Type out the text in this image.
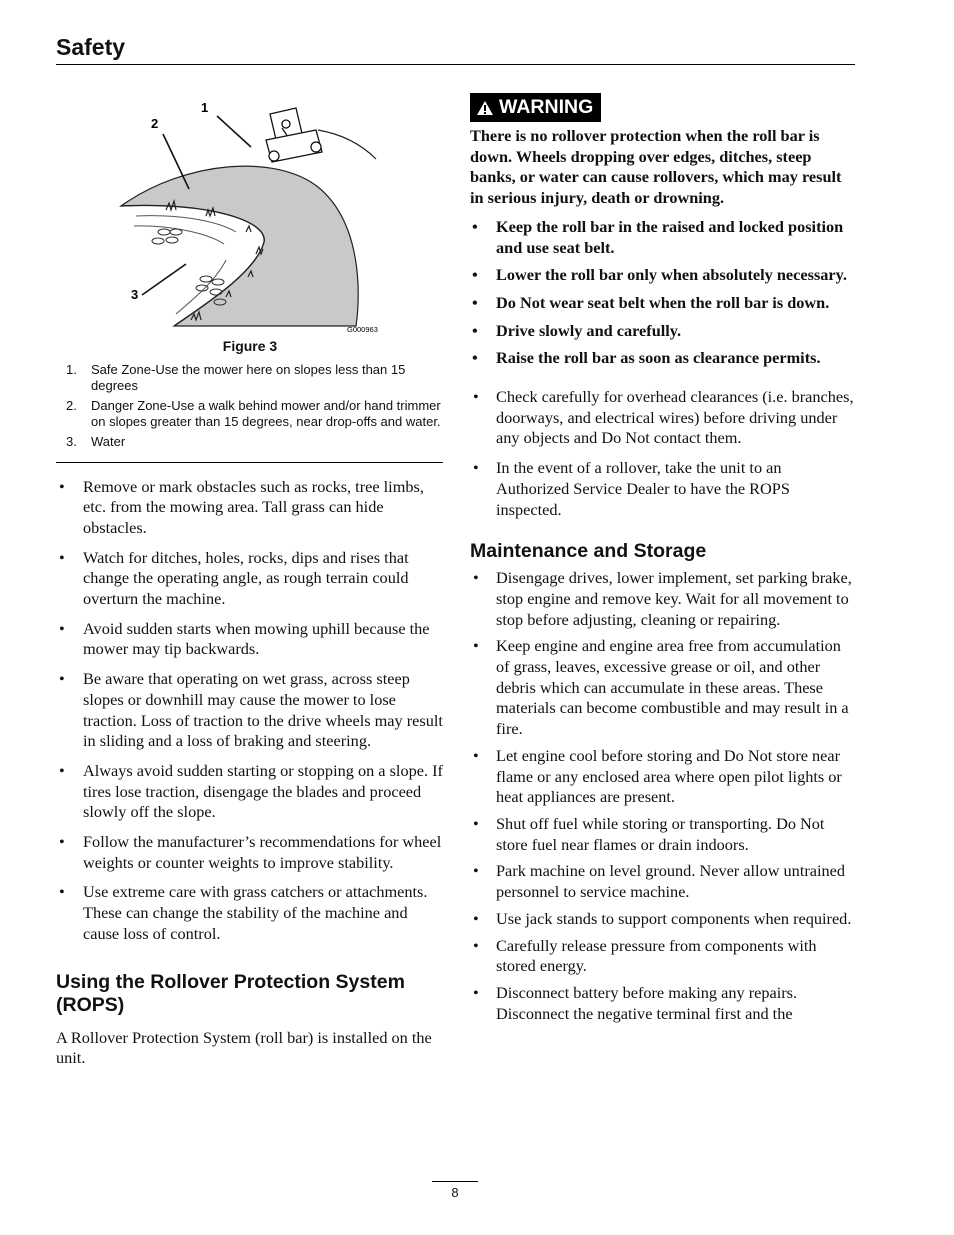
Safety
1
2
3
G000963
Figure 3
1. Safe Zone-Use the mower here on slopes less than 15 degrees
2. Danger Zone-Use a walk behind mower and/or hand trimmer on slopes greater than 15 degrees, near drop-offs and water.
3. Water
• Remove or mark obstacles such as rocks, tree limbs, etc. from the mowing area. Tall grass can hide obstacles.
• Watch for ditches, holes, rocks, dips and rises that change the operating angle, as rough terrain could overturn the machine.
• Avoid sudden starts when mowing uphill because the mower may tip backwards.
• Be aware that operating on wet grass, across steep slopes or downhill may cause the mower to lose traction. Loss of traction to the drive wheels may result in sliding and a loss of braking and steering.
• Always avoid sudden starting or stopping on a slope. If tires lose traction, disengage the blades and proceed slowly off the slope.
• Follow the manufacturer’s recommendations for wheel weights or counter weights to improve stability.
• Use extreme care with grass catchers or attachments. These can change the stability of the machine and cause loss of control.
Using the Rollover Protection System (ROPS)

A Rollover Protection System (roll bar) is installed on the unit.

WARNING

There is no rollover protection when the roll bar is down. Wheels dropping over edges, ditches, steep banks, or water can cause rollovers, which may result in serious injury, death or drowning.

• Keep the roll bar in the raised and locked position and use seat belt.
• Lower the roll bar only when absolutely necessary.
• Do Not wear seat belt when the roll bar is down.
• Drive slowly and carefully.
• Raise the roll bar as soon as clearance permits.
• Check carefully for overhead clearances (i.e. branches, doorways, and electrical wires) before driving under any objects and Do Not contact them.
• In the event of a rollover, take the unit to an Authorized Service Dealer to have the ROPS inspected.
Maintenance and Storage
• Disengage drives, lower implement, set parking brake, stop engine and remove key. Wait for all movement to stop before adjusting, cleaning or repairing.
• Keep engine and engine area free from accumulation of grass, leaves, excessive grease or oil, and other debris which can accumulate in these areas. These materials can become combustible and may result in a fire.
• Let engine cool before storing and Do Not store near flame or any enclosed area where open pilot lights or heat appliances are present.
• Shut off fuel while storing or transporting. Do Not store fuel near flames or drain indoors.
• Park machine on level ground. Never allow untrained personnel to service machine.
• Use jack stands to support components when required.
• Carefully release pressure from components with stored energy.
• Disconnect battery before making any repairs. Disconnect the negative terminal first and the
8
